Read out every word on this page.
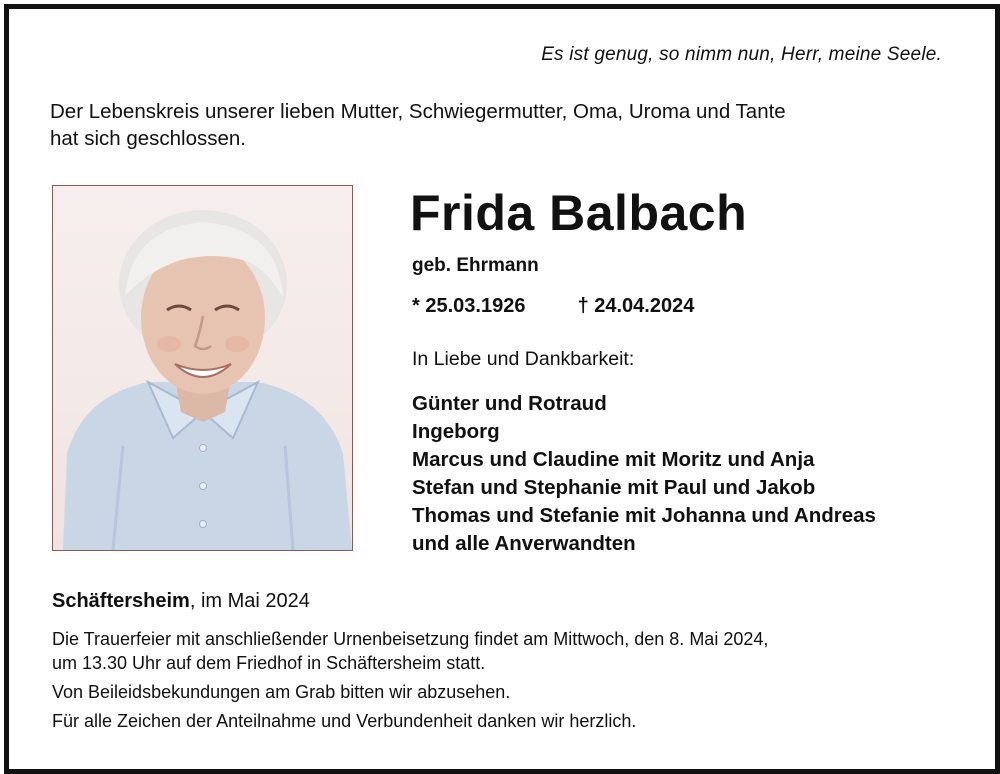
Es ist genug, so nimm nun, Herr, meine Seele.
Der Lebenskreis unserer lieben Mutter, Schwiegermutter, Oma, Uroma und Tante
hat sich geschlossen.
Frida Balbach
geb. Ehrmann
* 25.03.1926	† 24.04.2024
In Liebe und Dankbarkeit:
Günter und Rotraud
Ingeborg
Marcus und Claudine mit Moritz und Anja
Stefan und Stephanie mit Paul und Jakob
Thomas und Stefanie mit Johanna und Andreas
und alle Anverwandten
Schäftersheim, im Mai 2024

Die Trauerfeier mit anschließender Urnenbeisetzung findet am Mittwoch, den 8. Mai 2024,
um 13.30 Uhr auf dem Friedhof in Schäftersheim statt.

Von Beileidsbekundungen am Grab bitten wir abzusehen.

Für alle Zeichen der Anteilnahme und Verbundenheit danken wir herzlich.
